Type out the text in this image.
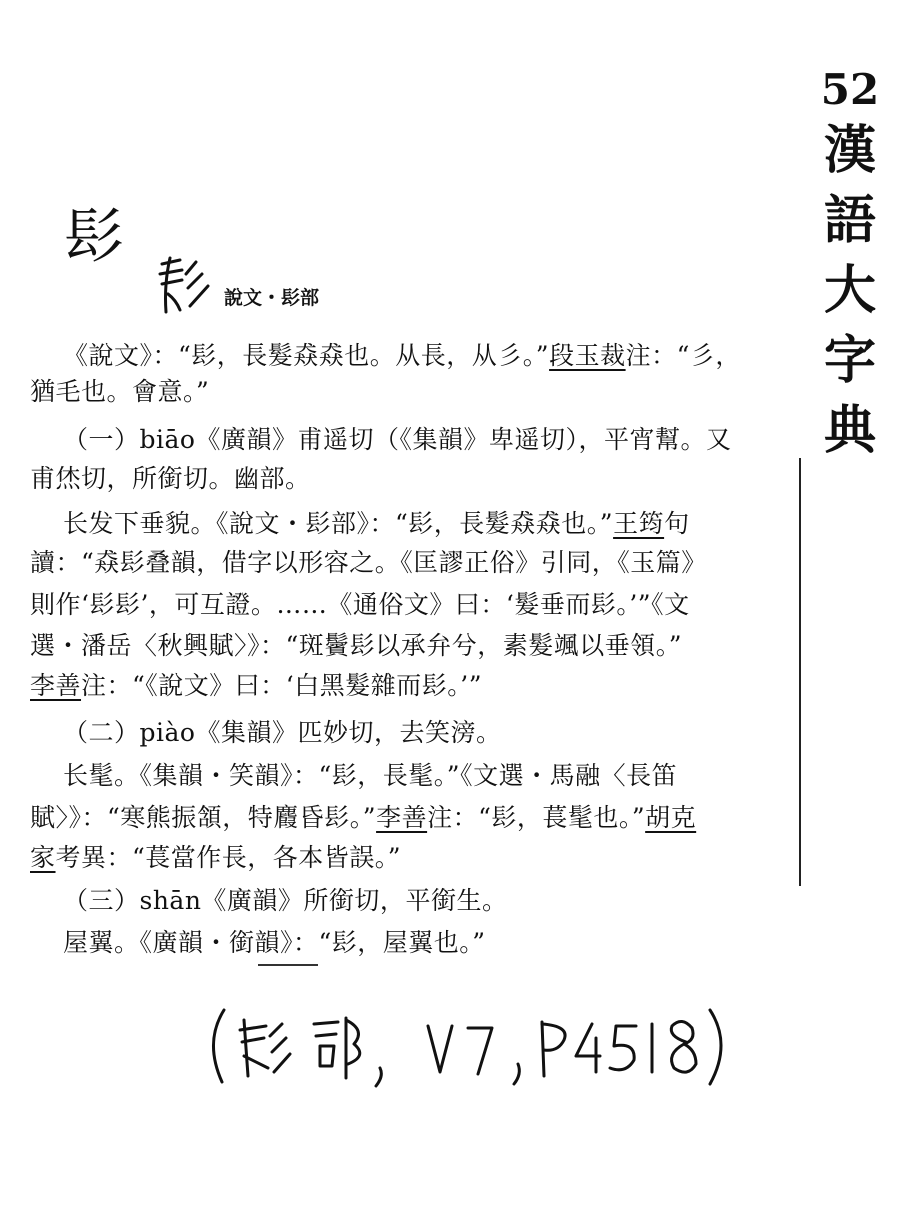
52
漢
語
大
字
典
髟
說文・髟部
《說文》：“髟，長髮猋猋也。从長，从彡。”段玉裁注：“彡，
猶毛也。會意。”
（一）biāo《廣韻》甫遥切（《集韻》卑遥切），平宵幫。又
甫烋切，所銜切。幽部。
长发下垂貌。《說文・髟部》：“髟，長髮猋猋也。”王筠句
讀：“猋髟叠韻，借字以形容之。《匡謬正俗》引同，《玉篇》
則作‘髟髟’，可互證。……《通俗文》曰：‘髮垂而髟。’”《文
選・潘岳〈秋興賦〉》：“斑鬢髟以承弁兮，素髮颯以垂領。”
李善注：“《說文》曰：‘白黑髮雜而髟。’”
（二）piào《集韻》匹妙切，去笑滂。
长髦。《集韻・笑韻》：“髟，長髦。”《文選・馬融〈長笛
賦〉》：“寒熊振頷，特麚昏髟。”李善注：“髟，萇髦也。”胡克
家考異：“萇當作長，各本皆誤。”
（三）shān《廣韻》所銜切，平銜生。
屋翼。《廣韻・銜韻》：“髟，屋翼也。”
